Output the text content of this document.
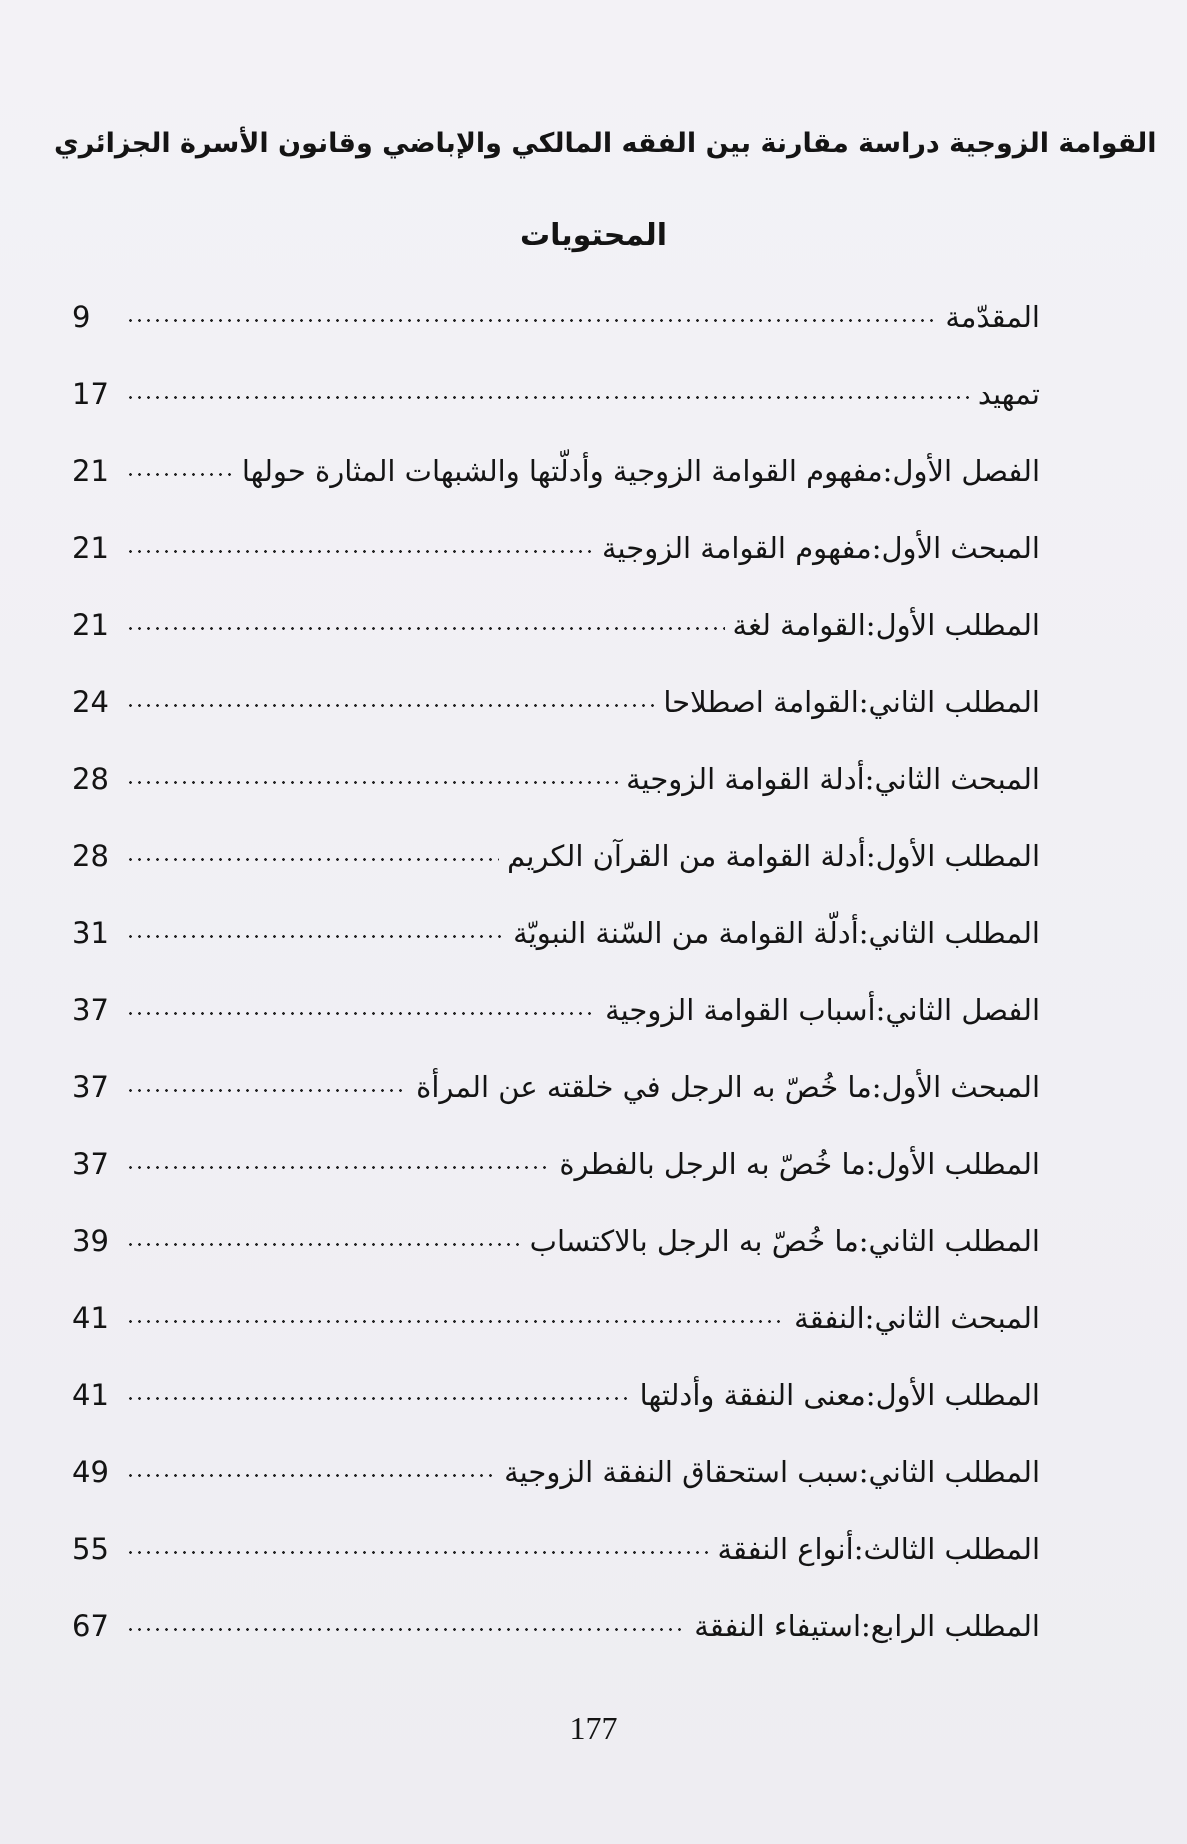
القوامة الزوجية دراسة مقارنة بين الفقه المالكي والإباضي وقانون الأسرة الجزائري
المحتويات
9	المقدّمة
17	تمهيد
21	الفصل الأول:مفهوم القوامة الزوجية وأدلّتها والشبهات المثارة حولها
21	المبحث الأول:مفهوم القوامة الزوجية
21	المطلب الأول:القوامة لغة
24	المطلب الثاني:القوامة اصطلاحا
28	المبحث الثاني:أدلة القوامة الزوجية
28	المطلب الأول:أدلة القوامة من القرآن الكريم
31	المطلب الثاني:أدلّة القوامة من السّنة النبويّة
37	الفصل الثاني:أسباب القوامة الزوجية
37	المبحث الأول:ما خُصّ به الرجل في خلقته عن المرأة
37	المطلب الأول:ما خُصّ به الرجل بالفطرة
39	المطلب الثاني:ما خُصّ به الرجل بالاكتساب
41	المبحث الثاني:النفقة
41	المطلب الأول:معنى النفقة وأدلتها
49	المطلب الثاني:سبب استحقاق النفقة الزوجية
55	المطلب الثالث:أنواع النفقة
67	المطلب الرابع:استيفاء النفقة
177
